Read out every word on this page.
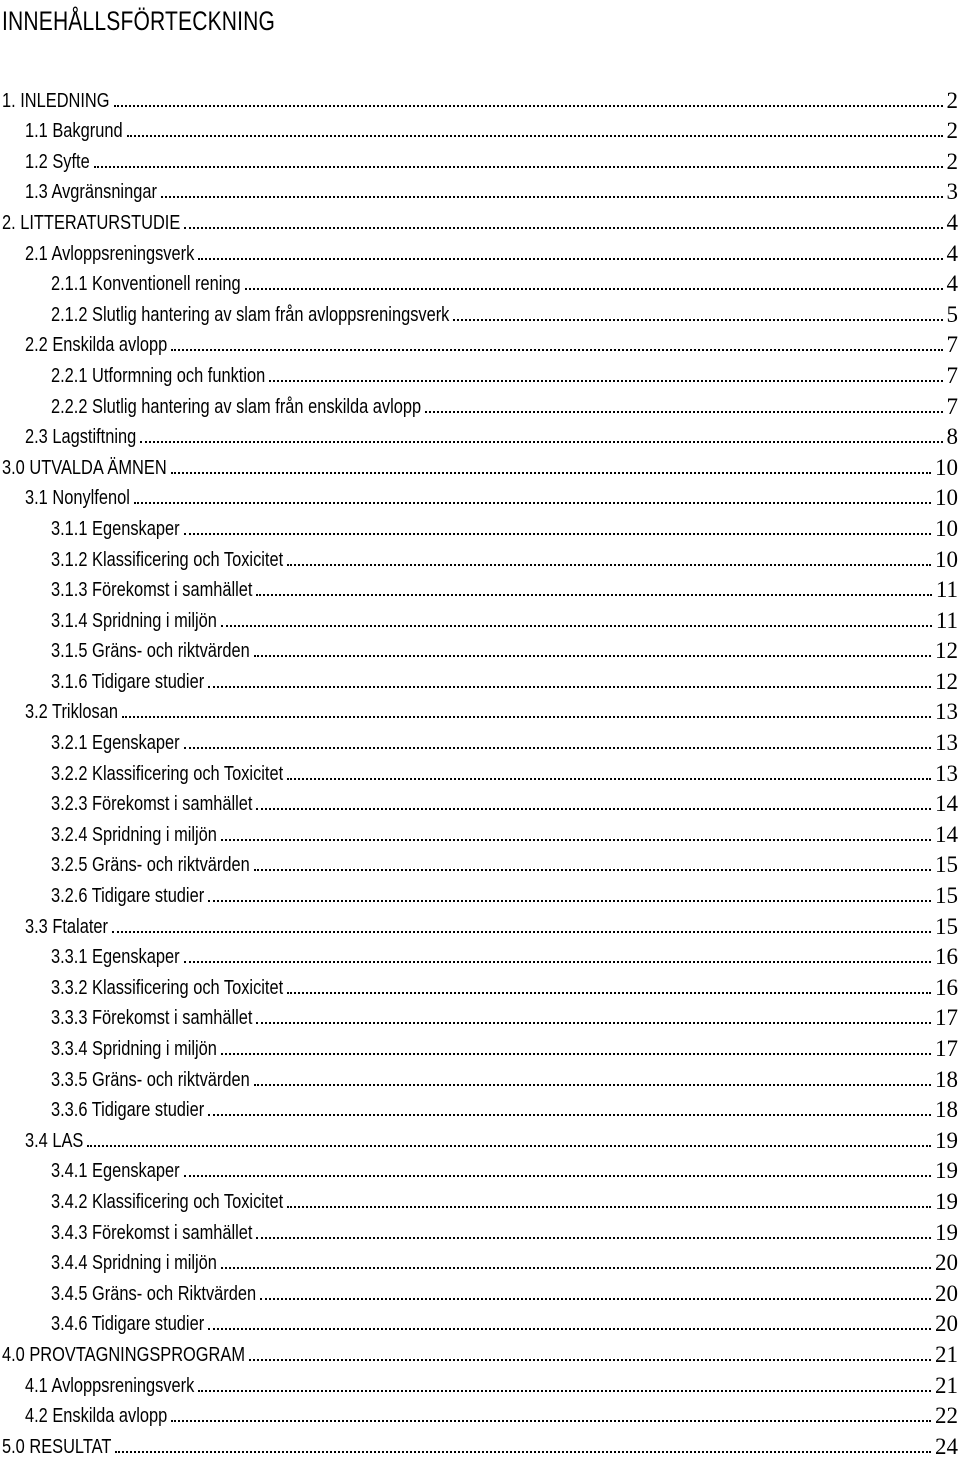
INNEHÅLLSFÖRTECKNING
1. INLEDNING	2
1.1 Bakgrund	2
1.2 Syfte	2
1.3 Avgränsningar	3
2. LITTERATURSTUDIE	4
2.1 Avloppsreningsverk	4
2.1.1 Konventionell rening	4
2.1.2 Slutlig hantering av slam från avloppsreningsverk	5
2.2 Enskilda avlopp	7
2.2.1 Utformning och funktion	7
2.2.2 Slutlig hantering av slam från enskilda avlopp	7
2.3 Lagstiftning	8
3.0 UTVALDA ÄMNEN	10
3.1 Nonylfenol	10
3.1.1 Egenskaper	10
3.1.2 Klassificering och Toxicitet	10
3.1.3 Förekomst i samhället	11
3.1.4 Spridning i miljön	11
3.1.5 Gräns- och riktvärden	12
3.1.6 Tidigare studier	12
3.2 Triklosan	13
3.2.1 Egenskaper	13
3.2.2 Klassificering och Toxicitet	13
3.2.3 Förekomst i samhället	14
3.2.4 Spridning i miljön	14
3.2.5 Gräns- och riktvärden	15
3.2.6 Tidigare studier	15
3.3 Ftalater	15
3.3.1 Egenskaper	16
3.3.2 Klassificering och Toxicitet	16
3.3.3 Förekomst i samhället	17
3.3.4 Spridning i miljön	17
3.3.5 Gräns- och riktvärden	18
3.3.6 Tidigare studier	18
3.4 LAS	19
3.4.1 Egenskaper	19
3.4.2 Klassificering och Toxicitet	19
3.4.3 Förekomst i samhället	19
3.4.4 Spridning i miljön	20
3.4.5 Gräns- och Riktvärden	20
3.4.6 Tidigare studier	20
4.0 PROVTAGNINGSPROGRAM	21
4.1 Avloppsreningsverk	21
4.2 Enskilda avlopp	22
5.0 RESULTAT	24
